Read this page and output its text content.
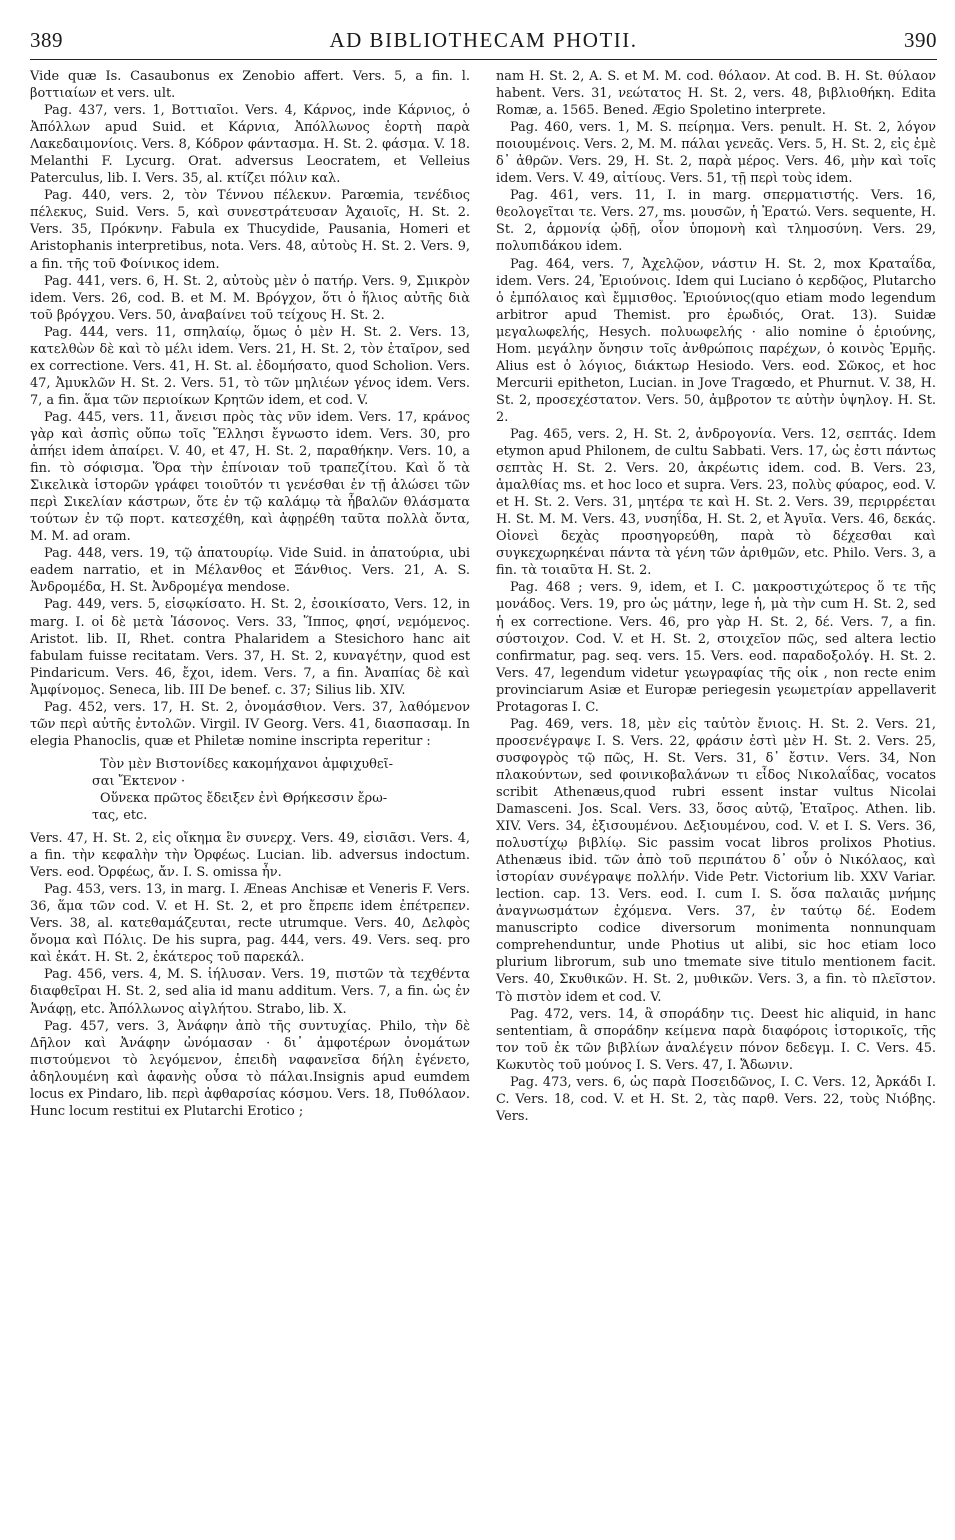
389	AD BIBLIOTHECAM PHOTII.	390

Vide quæ Is. Casaubonus ex Zenobio affert. Vers. 5, a fin. l. βοττιαίων et vers. ult.

Pag. 437, vers. 1, Βοττιαῖοι. Vers. 4, Κάρνος, inde Κάρνιος, ὁ Ἀπόλλων apud Suid. et Κάρνια, Ἀπόλλωνος ἑορτὴ παρὰ Λακεδαιμονίοις. Vers. 8, Κόδρον φάντασμα. H. St. 2. φάσμα. V. 18. Melanthi F. Lycurg. Orat. adversus Leocratem, et Velleius Paterculus, lib. I. Vers. 35, al. κτίζει πόλιν καλ.

Pag. 440, vers. 2, τὸν Τέννου πέλεκυν. Parœmia, τενέδιος πέλεκυς, Suid. Vers. 5, καὶ συνεστράτευσαν Ἀχαιοῖς, H. St. 2. Vers. 35, Πρόκνην. Fabula ex Thucydide, Pausania, Homeri et Aristophanis interpretibus, nota. Vers. 48, αὐτοὺς H. St. 2. Vers. 9, a fin. τῆς τοῦ Φοίνικος idem.

Pag. 441, vers. 6, H. St. 2, αὐτοὺς μὲν ὁ πατήρ. Vers. 9, Σμικρὸν idem. Vers. 26, cod. B. et M. M. Βρόγχον, ὅτι ὁ ἥλιος αὐτῆς διὰ τοῦ βρόγχου. Vers. 50, ἀναβαίνει τοῦ τείχους H. St. 2.

Pag. 444, vers. 11, σπηλαίῳ, ὅμως ὁ μὲν H. St. 2. Vers. 13, κατελθὼν δὲ καὶ τὸ μέλι idem. Vers. 21, H. St. 2, τὸν ἑταῖρον, sed ex correctione. Vers. 41, H. St. al. ἐδομήσατο, quod Scholion. Vers. 47, Ἀμυκλῶν H. St. 2. Vers. 51, τὸ τῶν μηλιέων γένος idem. Vers. 7, a fin. ἅμα τῶν περιοίκων Κρητῶν idem, et cod. V.

Pag. 445, vers. 11, ἄνεισι πρὸς τὰς νῦν idem. Vers. 17, κράνος γὰρ καὶ ἀσπὶς οὔπω τοῖς Ἕλλησι ἔγνωστο idem. Vers. 30, pro ἀπήει idem ἀπαίρει. V. 40, et 47, H. St. 2, παραθήκην. Vers. 10, a fin. τὸ σόφισμα. Ὅρα τὴν ἐπίνοιαν τοῦ τραπεζίτου. Καὶ ὅ τὰ Σικελικὰ ἱστορῶν γράφει τοιοῦτόν τι γενέσθαι ἐν τῇ ἁλώσει τῶν περὶ Σικελίαν κάστρων, ὅτε ἐν τῷ καλάμῳ τὰ ἧβαλῶν θλάσματα τούτων ἐν τῷ πορτ. κατεσχέθη, καὶ ἀφῃρέθη ταῦτα πολλὰ ὄντα, M. M. ad oram.

Pag. 448, vers. 19, τῷ ἀπατουρίῳ. Vide Suid. in ἀπατούρια, ubi eadem narratio, et in Μέλανθος et Ξάνθιος. Vers. 21, A. S. Ἀνδρομέδα, H. St. Ἀνδρομέγα mendose.

Pag. 449, vers. 5, εἰσῳκίσατο. H. St. 2, ἐσοικίσατο, Vers. 12, in marg. I. οἱ δὲ μετὰ Ἰάσονος. Vers. 33, Ἵππος, φησί, νεμόμενος. Aristot. lib. II, Rhet. contra Phalaridem a Stesichoro hanc ait fabulam fuisse recitatam. Vers. 37, H. St. 2, κυναγέτην, quod est Pindaricum. Vers. 46, ἔχοι, idem. Vers. 7, a fin. Ἀναπίας δὲ καὶ Ἀμφίνομος. Seneca, lib. III De benef. c. 37; Silius lib. XIV.

Pag. 452, vers. 17, H. St. 2, ὀνομάσθιον. Vers. 37, λαθόμενον τῶν περὶ αὐτῆς ἐντολῶν. Virgil. IV Georg. Vers. 41, διασπασαμ. In elegia Phanoclis, quæ et Philetæ nomine inscripta reperitur :

Τὸν μὲν Βιστονίδες κακομήχανοι ἀμφιχυθεῖ-

σαι Ἔκτενον ·

Οὕνεκα πρῶτος ἔδειξεν ἐνὶ Θρήκεσσιν ἔρω-

τας, etc.

Vers. 47, H. St. 2, εἰς οἴκημα ἓν συνερχ. Vers. 49, εἰσιᾶσι. Vers. 4, a fin. τὴν κεφαλὴν τὴν Ὀρφέως. Lucian. lib. adversus indoctum. Vers. eod. Ὀρφέως, ἄν. I. S. omissa ἦν.

Pag. 453, vers. 13, in marg. I. Æneas Anchisæ et Veneris F. Vers. 36, ἅμα τῶν cod. V. et H. St. 2, et pro ἔπρεπε idem ἐπέτρεπεν. Vers. 38, al. κατεθαμάζευται, recte utrumque. Vers. 40, Δελφὸς ὄνομα καὶ Πόλις. De his supra, pag. 444, vers. 49. Vers. seq. pro καὶ ἑκάτ. H. St. 2, ἑκάτερος τοῦ παρεκάλ.

Pag. 456, vers. 4, M. S. ἰήλυσαν. Vers. 19, πιστῶν τὰ τεχθέντα διαφθεῖραι H. St. 2, sed alia id manu additum. Vers. 7, a fin. ὡς ἐν Ἀνάφῃ, etc. Ἀπόλλωνος αἰγλήτου. Strabo, lib. X.

Pag. 457, vers. 3, Ἀνάφην ἀπὸ τῆς συντυχίας. Philo, τὴν δὲ Δῆλον καὶ Ἀνάφην ὠνόμασαν · δι᾽ ἀμφοτέρων ὀνομάτων πιστούμενοι τὸ λεγόμενον, ἐπειδὴ ναφανεῖσα δήλη ἐγένετο, ἀδηλουμένη καὶ ἀφανὴς οὖσα τὸ πάλαι.Insignis apud eumdem locus ex Pindaro, lib. περὶ ἀφθαρσίας κόσμου. Vers. 18, Πυθόλαον. Hunc locum restitui ex Plutarchi Erotico ;

nam H. St. 2, A. S. et M. M. cod. θόλαον. At cod. B. H. St. θύλαον habent. Vers. 31, νεώτατος H. St. 2, vers. 48, βιβλιοθήκη. Edita Romæ, a. 1565. Bened. Ægio Spoletino interprete.

Pag. 460, vers. 1, M. S. πείρημα. Vers. penult. H. St. 2, λόγον ποιουμένοις. Vers. 2, M. M. πάλαι γενεᾶς. Vers. 5, H. St. 2, εἰς ἐμὲ δ᾽ ἀθρῶν. Vers. 29, H. St. 2, παρὰ μέρος. Vers. 46, μὴν καὶ τοῖς idem. Vers. V. 49, αἰτίους. Vers. 51, τῇ περὶ τοὺς idem.

Pag. 461, vers. 11, I. in marg. σπερματιστής. Vers. 16, θεολογεῖται τε. Vers. 27, ms. μουσῶν, ἡ Ἐρατώ. Vers. sequente, H. St. 2, ἁρμονίᾳ ᾠδῇ, οἷον ὑπομονὴ καὶ τλημοσύνη. Vers. 29, πολυπιδάκου idem.

Pag. 464, vers. 7, Ἀχελῷον, νάστιν H. St. 2, mox Κραταΐδα, idem. Vers. 24, Ἐριούνοις. Idem qui Luciano ὁ κερδῷος, Plutarcho ὁ ἐμπόλαιος καὶ ἔμμισθος. Ἐριούνιος(quo etiam modo legendum arbitror apud Themist. pro ἐρωδιός, Orat. 13). Suidæ μεγαλωφελής, Hesych. πολυωφελής · alio nomine ὁ ἐριούνης, Hom. μεγάλην ὄνησιν τοῖς ἀνθρώποις παρέχων, ὁ κοινὸς Ἑρμῆς. Alius est ὁ λόγιος, διάκτωρ Hesiodo. Vers. eod. Σῶκος, et hoc Mercurii epitheton, Lucian. in Jove Tragœdo, et Phurnut. V. 38, H. St. 2, προσεχέστατον. Vers. 50, ἀμβροτον τε αὐτὴν ὑψηλογ. H. St. 2.

Pag. 465, vers. 2, H. St. 2, ἀνδρογονία. Vers. 12, σεπτάς. Idem etymon apud Philonem, de cultu Sabbati. Vers. 17, ὡς ἐστι πάντως σεπτὰς H. St. 2. Vers. 20, ἀκρέωτις idem. cod. B. Vers. 23, ἁμαλθίας ms. et hoc loco et supra. Vers. 23, πολὺς φύαρος, eod. V. et H. St. 2. Vers. 31, μητέρα τε καὶ H. St. 2. Vers. 39, περιρρέεται H. St. M. M. Vers. 43, νυσηΐδα, H. St. 2, et Ἀγυῖα. Vers. 46, δεκάς. Οἰονεὶ δεχὰς προσηγορεύθη, παρὰ τὸ δέχεσθαι καὶ συγκεχωρηκέναι πάντα τὰ γένη τῶν ἀριθμῶν, etc. Philo. Vers. 3, a fin. τὰ τοιαῦτα H. St. 2.

Pag. 468 ; vers. 9, idem, et I. C. μακροστιχώτερος ὅ τε τῆς μονάδος. Vers. 19, pro ὡς μάτην, lege ἡ, μὰ τὴν cum H. St. 2, sed ἡ ex correctione. Vers. 46, pro γὰρ H. St. 2, δέ. Vers. 7, a fin. σύστοιχον. Cod. V. et H. St. 2, στοιχεῖον πῶς, sed altera lectio confirmatur, pag. seq. vers. 15. Vers. eod. παραδοξολόγ. H. St. 2. Vers. 47, legendum videtur γεωγραφίας τῆς οἰκ , non recte enim provinciarum Asiæ et Europæ periegesin γεωμετρίαν appellaverit Protagoras I. C.

Pag. 469, vers. 18, μὲν εἰς ταὐτὸν ἔνιοις. H. St. 2. Vers. 21, προσενέγραψε I. S. Vers. 22, φράσιν ἐστὶ μὲν H. St. 2. Vers. 25, συσφογρὸς τῷ πῶς, H. St. Vers. 31, δ᾽ ἔστιν. Vers. 34, Non πλακούντων, sed φοινικοβαλάνων τι εἶδος Νικολαΐδας, vocatos scribit Athenæus,quod rubri essent instar vultus Nicolai Damasceni. Jos. Scal. Vers. 33, ὅσος αὐτῷ, Ἑταῖρος. Athen. lib. XIV. Vers. 34, ἐξισουμένου. Δεξιουμένου, cod. V. et I. S. Vers. 36, πολυστίχῳ βιβλίῳ. Sic passim vocat libros prolixos Photius. Athenæus ibid. τῶν ἀπὸ τοῦ περιπάτου δ᾽ οὖν ὁ Νικόλαος, καὶ ἱστορίαν συνέγραψε πολλήν. Vide Petr. Victorium lib. XXV Variar. lection. cap. 13. Vers. eod. I. cum I. S. ὅσα παλαιᾶς μνήμης ἀναγνωσμάτων ἐχόμενα. Vers. 37, ἐν ταύτῳ δέ. Eodem manuscripto codice diversorum monimenta nonnunquam comprehenduntur, unde Photius ut alibi, sic hoc etiam loco plurium librorum, sub uno tmemate sive titulo mentionem facit. Vers. 40, Σκυθικῶν. H. St. 2, μυθικῶν. Vers. 3, a fin. τὸ πλεῖστον. Τὸ πιστὸν idem et cod. V.

Pag. 472, vers. 14, ἃ σποράδην τις. Deest hic aliquid, in hanc sententiam, ἃ σποράδην κείμενα παρὰ διαφόροις ἱστορικοῖς, τῆς τον τοῦ ἐκ τῶν βιβλίων ἀναλέγειν πόνον δεδεγμ. I. C. Vers. 45. Κωκυτὸς τοῦ μούνος I. S. Vers. 47, I. Ἄδωνιν.

Pag. 473, vers. 6, ὡς παρὰ Ποσειδῶνος, I. C. Vers. 12, Ἀρκάδι I. C. Vers. 18, cod. V. et H. St. 2, τὰς παρθ. Vers. 22, τοὺς Νιόβης. Vers.
